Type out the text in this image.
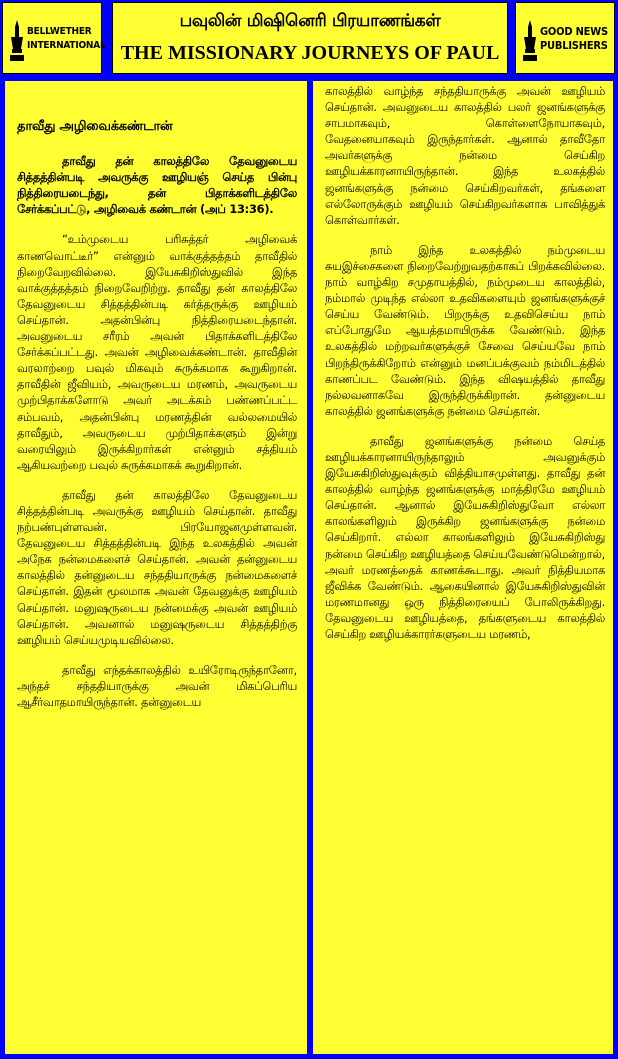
BELLWETHER
INTERNATIONAL
பவுலின் மிஷினெரி பிரயாணங்கள்
THE MISSIONARY JOURNEYS OF PAUL
GOOD NEWS
PUBLISHERS
தாவீது அழிவைக்கண்டான்

தாவீது தன் காலத்திலே தேவனுடைய சித்தத்தின்படி அவருக்கு ஊழியஞ் செய்த பின்பு நித்திரையடைந்து, தன் பிதாக்களிடத்திலே சேர்க்கப்பட்டு, அழிவைக் கண்டான் (அப் 13:36).

“உம்முடைய பரிசுத்தர் அழிவைக் காணவொட்டீர்” என்னும் வாக்குத்தத்தம் தாவீதில் நிறைவேறவில்லை. இயேசுகிறிஸ்துவில் இந்த வாக்குத்தத்தம் நிறைவேறிற்று. தாவீது தன் காலத்திலே தேவனுடைய சித்தத்தின்படி கர்த்தருக்கு ஊழியம் செய்தான். அதன்பின்பு நித்திரையடைந்தான். அவனுடைய சரீரம் அவன் பிதாக்களிடத்திலே சேர்க்கப்பட்டது. அவன் அழிவைக்கண்டான். தாவீதின் வரலாற்றை பவுல் மிகவும் சுருக்கமாக கூறுகிறான். தாவீதின் ஜீவியம், அவருடைய மரணம், அவருடைய முற்பிதாக்களோடு அவர் அடக்கம் பண்ணப்பட்ட சம்பவம், அதன்பின்பு மரணத்தின் வல்லமையில் தாவீதும், அவருடைய முற்பிதாக்களும் இன்று வரையிலும் இருக்கிறார்கள் என்னும் சத்தியம் ஆகியவற்றை பவுல் சுருக்கமாகக் கூறுகிறான்.

தாவீது தன் காலத்திலே தேவனுடைய சித்தத்தின்படி அவருக்கு ஊழியம் செய்தான். தாவீது நற்பண்புள்ளவன். பிரயோஜனமுள்ளவன். தேவனுடைய சித்தத்தின்படி இந்த உலகத்தில் அவன் அநேக நன்மைகளைச் செய்தான். அவன் தன்னுடைய காலத்தில் தன்னுடைய சந்ததியாருக்கு நன்மைகளைச் செய்தான். இதன் மூலமாக அவன் தேவனுக்கு ஊழியம் செய்தான். மனுஷருடைய நன்மைக்கு அவன் ஊழியம் செய்தான். அவனால் மனுஷருடைய சித்தத்திற்கு ஊழியம் செய்யமுடியவில்லை.

தாவீது எந்தக்காலத்தில் உயிரோடிருந்தானோ, அந்தச் சந்ததியாருக்கு அவன் மிகப்பெரிய ஆசீர்வாதமாயிருந்தான். தன்னுடைய

காலத்தில் வாழ்ந்த சந்ததியாருக்கு அவன் ஊழியம் செய்தான். அவனுடைய காலத்தில் பலர் ஜனங்களுக்கு சாபமாகவும், கொள்ளைநோயாகவும், வேதனையாகவும் இருந்தார்கள். ஆனால் தாவீதோ அவர்களுக்கு நன்மை செய்கிற ஊழியக்காரனாயிருந்தான். இந்த உலகத்தில் ஜனங்களுக்கு நன்மை செய்கிறவர்கள், தங்களை எல்லோருக்கும் ஊழியம் செய்கிறவர்களாக பாவித்துக் கொள்வார்கள்.

நாம் இந்த உலகத்தில் நம்முடைய சுயஇச்சைகளை நிறைவேற்றுவதற்காகப் பிறக்கவில்லை. நாம் வாழ்கிற சமுதாயத்தில், நம்முடைய காலத்தில், நம்மால் முடிந்த எல்லா உதவிகளையும் ஜனங்களுக்குச் செய்ய வேண்டும். பிறருக்கு உதவிசெய்ய நாம் எப்போதுமே ஆயத்தமாயிருக்க வேண்டும். இந்த உலகத்தில் மற்றவர்களுக்குச் சேவை செய்யவே நாம் பிறந்திருக்கிறோம் என்னும் மனப்பக்குவம் நம்மிடத்தில் காணப்பட வேண்டும். இந்த விஷயத்தில் தாவீது நல்லவனாகவே இருந்திருக்கிறான். தன்னுடைய காலத்தில் ஜனங்களுக்கு நன்மை செய்தான்.

தாவீது ஜனங்களுக்கு நன்மை செய்த ஊழியக்காரனாயிருந்தாலும் அவனுக்கும் இயேசுகிறிஸ்துவுக்கும் வித்தியாசமுள்ளது. தாவீது தன் காலத்தில் வாழ்ந்த ஜனங்களுக்கு மாத்திரமே ஊழியம் செய்தான். ஆனால் இயேசுகிறிஸ்துவோ எல்லா காலங்களிலும் இருக்கிற ஜனங்களுக்கு நன்மை செய்கிறார். எல்லா காலங்களிலும் இயேசுகிறிஸ்து நன்மை செய்கிற ஊழியத்தை செய்யவேண்டுமென்றால், அவர் மரணத்தைக் காணக்கூடாது. அவர் நித்தியமாக ஜீவிக்க வேண்டும். ஆகையினால் இயேசுகிறிஸ்துவின் மரணமானது ஒரு நித்திரையைப் போலிருக்கிறது. தேவனுடைய ஊழியத்தை, தங்களுடைய காலத்தில் செய்கிற ஊழியக்காரர்களுடைய மரணம்,
